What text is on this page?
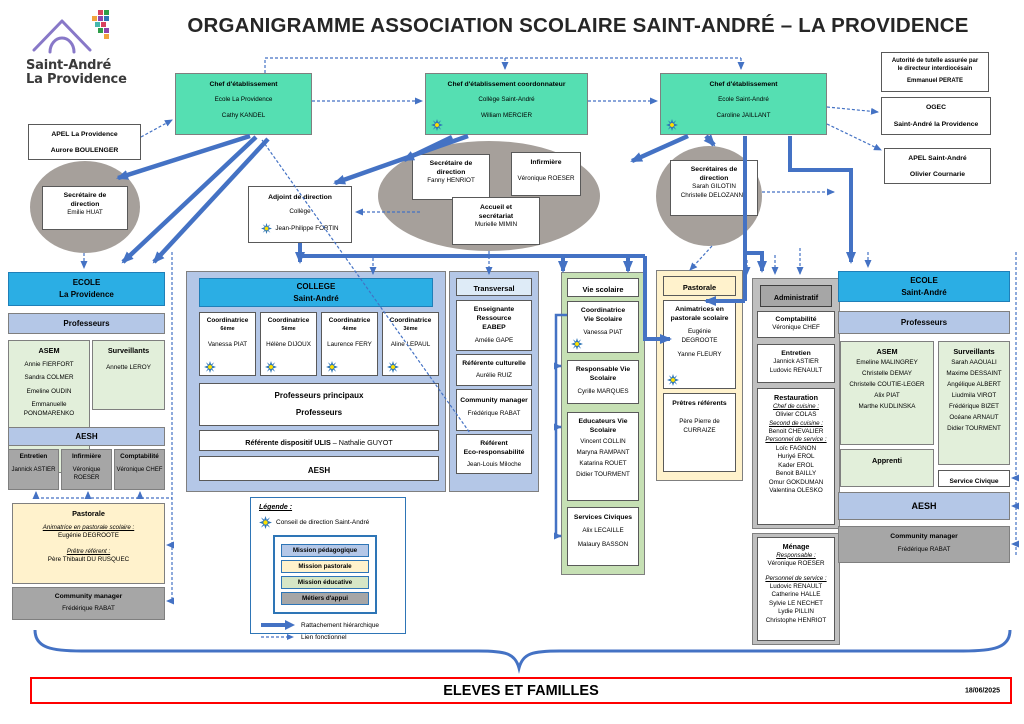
Saint-André
La Providence
ORGANIGRAMME ASSOCIATION SCOLAIRE SAINT-ANDRÉ – LA PROVIDENCE
Chef d'établissement
Ecole La Providence
Cathy KANDEL
Chef d'établissement coordonnateur
Collège Saint-André
William MERCIER
Chef d'établissement
Ecole Saint-André
Caroline JAILLANT
Autorité de tutelle assurée par
le directeur interdiocésain
Emmanuel PERATE
OGEC
Saint-André la Providence
APEL Saint-André
Olivier Cournarie
APEL La Providence
Aurore BOULENGER
Secrétaire de
direction
Emilie HUAT
Adjoint de direction
Collège
Jean-Philippe FORTIN
Secrétaire de
direction
Fanny HENRIOT
Infirmière
Véronique ROESER
Accueil et
secrétariat
Murielle MIMIN
Secrétaires de
direction
Sarah GILOTIN
Christelle DELOZANNE
ECOLE
La Providence
Professeurs
ASEM
Annie FIERFORT
Sandra COLMER
Emeline OUDIN
Emmanuelle PONOMARENKO
Surveillants
Annette LEROY
AESH
Entretien
Jannick ASTIER
Infirmière
Véronique ROESER
Comptabilité
Véronique CHEF
Pastorale
Animatrice en pastorale scolaire :
Eugénie DEGROOTE
Prêtre référent :
Père Thibault DU RUSQUEC
Community manager
Frédérique RABAT
COLLEGE
Saint-André
Coordinatrice
6ème
Vanessa PIAT
Coordinatrice
5ème
Hélène DIJOUX
Coordinatrice
4ème
Laurence FERY
Coordinatrice
3ème
Aline LEPAUL
Professeurs principaux
Professeurs
Référente dispositif ULIS – Nathalie GUYOT
AESH
Transversal
Enseignante
Ressource
EABEP
Amélie GAPE
Référente culturelle
Aurélie RUIZ
Community manager
Frédérique RABAT
Référent
Eco-responsabilité
Jean-Louis Miloche
Vie scolaire
Coordinatrice
Vie Scolaire
Vanessa PIAT
Responsable Vie
Scolaire
Cyrille MARQUES
Educateurs Vie
Scolaire
Vincent COLLIN
Maryna RAMPANT
Katarina ROUET
Didier TOURMENT
Services Civiques
Alix LECAILLE
Malaury BASSON
Pastorale
Animatrices en
pastorale scolaire
Eugénie
DEGROOTE
Yanne FLEURY
Prêtres référents
Père Pierre de
CURRAIZE
Administratif
Comptabilité
Véronique CHEF
Entretien
Jannick ASTIER
Ludovic RENAULT
Restauration
Chef de cuisine :
Olivier COLAS
Second de cuisine :
Benoit CHEVALIER
Personnel de service :
Loïc FAGNON
Huriyé EROL
Kader EROL
Benoit BAILLY
Omur GOKDUMAN
Valentina OLESKO
Ménage
Responsable :
Véronique ROESER
Personnel de service :
Ludovic RENAULT
Catherine HALLE
Sylvie LE NECHET
Lydie PILLIN
Christophe HENRIOT
ECOLE
Saint-André
Professeurs
ASEM
Emeline MALINGREY
Christelle DEMAY
Christelle COUTIE-LEGER
Alix PIAT
Marthe KUDLINSKA
Surveillants
Sarah AAOUALI
Maxime DESSAINT
Angélique ALBERT
Liudmila VIROT
Frédérique BIZET
Océane ARNAUT
Didier TOURMENT
Apprenti
Service Civique
AESH
Community manager
Frédérique RABAT
Légende :
Conseil de direction Saint-André
Mission pédagogique
Mission pastorale
Mission éducative
Métiers d'appui
Rattachement hiérarchique
Lien fonctionnel
ELEVES ET FAMILLES	18/06/2025
